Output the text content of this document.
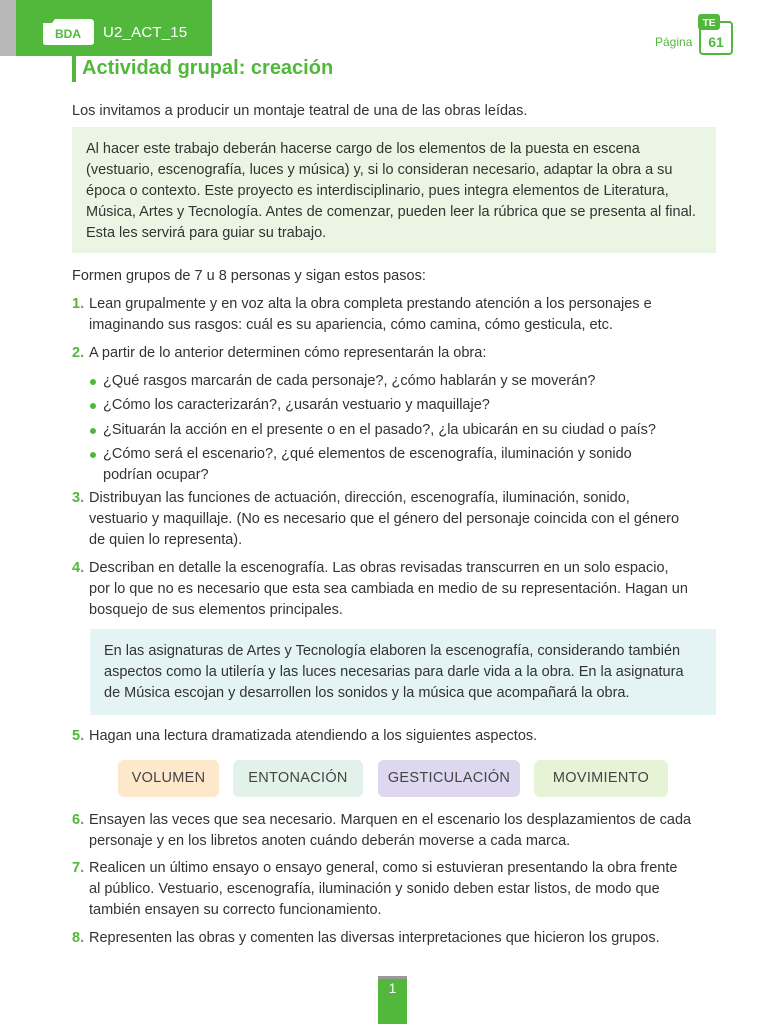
BDA U2_ACT_15
Página
TE
61
Actividad grupal: creación
Los invitamos a producir un montaje teatral de una de las obras leídas.
Al hacer este trabajo deberán hacerse cargo de los elementos de la puesta en escena
(vestuario, escenografía, luces y música) y, si lo consideran necesario, adaptar la obra a su
época o contexto. Este proyecto es interdisciplinario, pues integra elementos de Literatura,
Música, Artes y Tecnología. Antes de comenzar, pueden leer la rúbrica que se presenta al final.
Esta les servirá para guiar su trabajo.
Formen grupos de 7 u 8 personas y sigan estos pasos:
1. Lean grupalmente y en voz alta la obra completa prestando atención a los personajes e
imaginando sus rasgos: cuál es su apariencia, cómo camina, cómo gesticula, etc.
2. A partir de lo anterior determinen cómo representarán la obra:
¿Qué rasgos marcarán de cada personaje?, ¿cómo hablarán y se moverán?
¿Cómo los caracterizarán?, ¿usarán vestuario y maquillaje?
¿Situarán la acción en el presente o en el pasado?, ¿la ubicarán en su ciudad o país?
¿Cómo será el escenario?, ¿qué elementos de escenografía, iluminación y sonido
podrían ocupar?
3. Distribuyan las funciones de actuación, dirección, escenografía, iluminación, sonido,
vestuario y maquillaje. (No es necesario que el género del personaje coincida con el género
de quien lo representa).
4. Describan en detalle la escenografía. Las obras revisadas transcurren en un solo espacio,
por lo que no es necesario que esta sea cambiada en medio de su representación. Hagan un
bosquejo de sus elementos principales.
En las asignaturas de Artes y Tecnología elaboren la escenografía, considerando también
aspectos como la utilería y las luces necesarias para darle vida a la obra. En la asignatura
de Música escojan y desarrollen los sonidos y la música que acompañará la obra.
5. Hagan una lectura dramatizada atendiendo a los siguientes aspectos.
VOLUMEN	ENTONACIÓN	GESTICULACIÓN	MOVIMIENTO
6. Ensayen las veces que sea necesario. Marquen en el escenario los desplazamientos de cada
personaje y en los libretos anoten cuándo deberán moverse a cada marca.
7. Realicen un último ensayo o ensayo general, como si estuvieran presentando la obra frente
al público. Vestuario, escenografía, iluminación y sonido deben estar listos, de modo que
también ensayen su correcto funcionamiento.
8. Representen las obras y comenten las diversas interpretaciones que hicieron los grupos.
1
